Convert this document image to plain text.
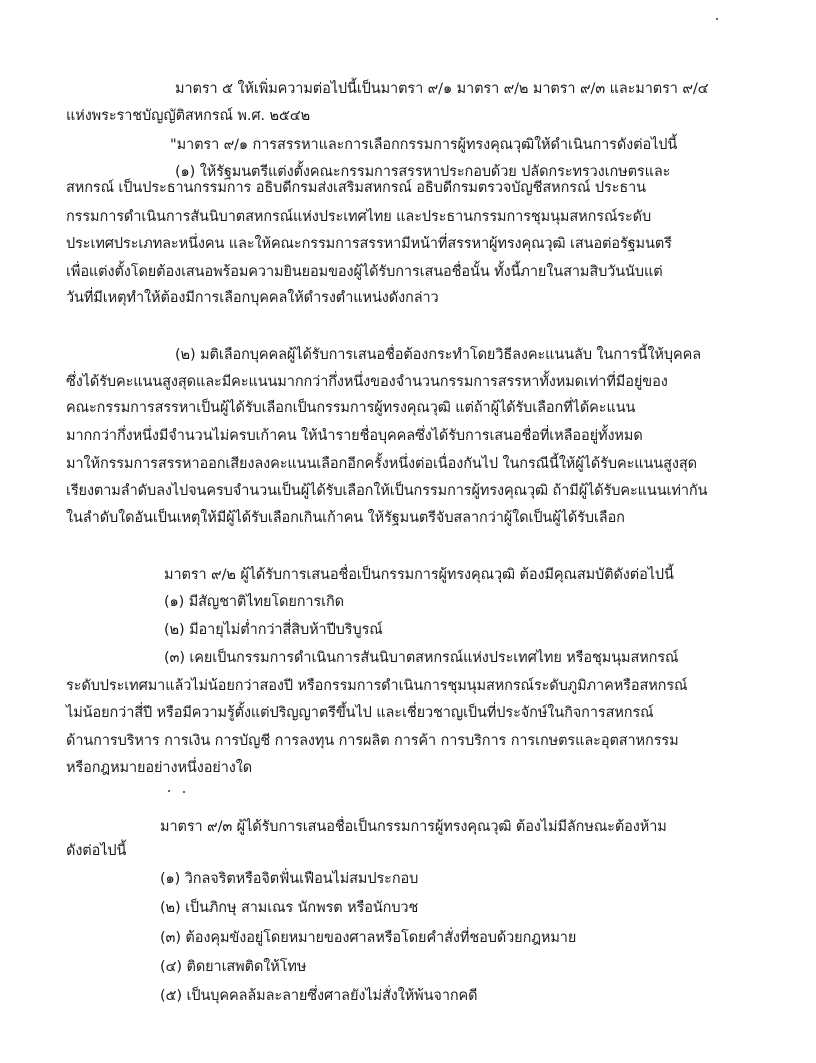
มาตรา ๕ ให้เพิ่มความต่อไปนี้เป็นมาตรา ๙/๑ มาตรา ๙/๒ มาตรา ๙/๓ และมาตรา ๙/๔
แห่งพระราชบัญญัติสหกรณ์ พ.ศ. ๒๕๔๒
"มาตรา ๙/๑ การสรรหาและการเลือกกรรมการผู้ทรงคุณวุฒิให้ดำเนินการดังต่อไปนี้
(๑) ให้รัฐมนตรีแต่งตั้งคณะกรรมการสรรหาประกอบด้วย ปลัดกระทรวงเกษตรและ
สหกรณ์ เป็นประธานกรรมการ อธิบดีกรมส่งเสริมสหกรณ์ อธิบดีกรมตรวจบัญชีสหกรณ์ ประธาน
กรรมการดำเนินการสันนิบาตสหกรณ์แห่งประเทศไทย และประธานกรรมการชุมนุมสหกรณ์ระดับ
ประเทศประเภทละหนึ่งคน และให้คณะกรรมการสรรหามีหน้าที่สรรหาผู้ทรงคุณวุฒิ เสนอต่อรัฐมนตรี
เพื่อแต่งตั้งโดยต้องเสนอพร้อมความยินยอมของผู้ได้รับการเสนอชื่อนั้น ทั้งนี้ภายในสามสิบวันนับแต่
วันที่มีเหตุทำให้ต้องมีการเลือกบุคคลให้ดำรงตำแหน่งดังกล่าว
(๒) มติเลือกบุคคลผู้ได้รับการเสนอชื่อต้องกระทำโดยวิธีลงคะแนนลับ ในการนี้ให้บุคคล
ซึ่งได้รับคะแนนสูงสุดและมีคะแนนมากกว่ากึ่งหนึ่งของจำนวนกรรมการสรรหาทั้งหมดเท่าที่มีอยู่ของ
คณะกรรมการสรรหาเป็นผู้ได้รับเลือกเป็นกรรมการผู้ทรงคุณวุฒิ แต่ถ้าผู้ได้รับเลือกที่ได้คะแนน
มากกว่ากึ่งหนึ่งมีจำนวนไม่ครบเก้าคน ให้นำรายชื่อบุคคลซึ่งได้รับการเสนอชื่อที่เหลืออยู่ทั้งหมด
มาให้กรรมการสรรหาออกเสียงลงคะแนนเลือกอีกครั้งหนึ่งต่อเนื่องกันไป ในกรณีนี้ให้ผู้ได้รับคะแนนสูงสุด
เรียงตามลำดับลงไปจนครบจำนวนเป็นผู้ได้รับเลือกให้เป็นกรรมการผู้ทรงคุณวุฒิ ถ้ามีผู้ได้รับคะแนนเท่ากัน
ในลำดับใดอันเป็นเหตุให้มีผู้ได้รับเลือกเกินเก้าคน ให้รัฐมนตรีจับสลากว่าผู้ใดเป็นผู้ได้รับเลือก
มาตรา ๙/๒ ผู้ได้รับการเสนอชื่อเป็นกรรมการผู้ทรงคุณวุฒิ ต้องมีคุณสมบัติดังต่อไปนี้
(๑) มีสัญชาติไทยโดยการเกิด
(๒) มีอายุไม่ต่ำกว่าสี่สิบห้าปีบริบูรณ์
(๓) เคยเป็นกรรมการดำเนินการสันนิบาตสหกรณ์แห่งประเทศไทย หรือชุมนุมสหกรณ์
ระดับประเทศมาแล้วไม่น้อยกว่าสองปี หรือกรรมการดำเนินการชุมนุมสหกรณ์ระดับภูมิภาคหรือสหกรณ์
ไม่น้อยกว่าสี่ปี หรือมีความรู้ตั้งแต่ปริญญาตรีขึ้นไป และเชี่ยวชาญเป็นที่ประจักษ์ในกิจการสหกรณ์
ด้านการบริหาร การเงิน การบัญชี การลงทุน การผลิต การค้า การบริการ การเกษตรและอุตสาหกรรม
หรือกฎหมายอย่างหนึ่งอย่างใด
มาตรา ๙/๓ ผู้ได้รับการเสนอชื่อเป็นกรรมการผู้ทรงคุณวุฒิ ต้องไม่มีลักษณะต้องห้าม
ดังต่อไปนี้
(๑) วิกลจริตหรือจิตฟั่นเฟือนไม่สมประกอบ
(๒) เป็นภิกษุ สามเณร นักพรต หรือนักบวช
(๓) ต้องคุมขังอยู่โดยหมายของศาลหรือโดยคำสั่งที่ชอบด้วยกฎหมาย
(๔) ติดยาเสพติดให้โทษ
(๕) เป็นบุคคลล้มละลายซึ่งศาลยังไม่สั่งให้พ้นจากคดี
